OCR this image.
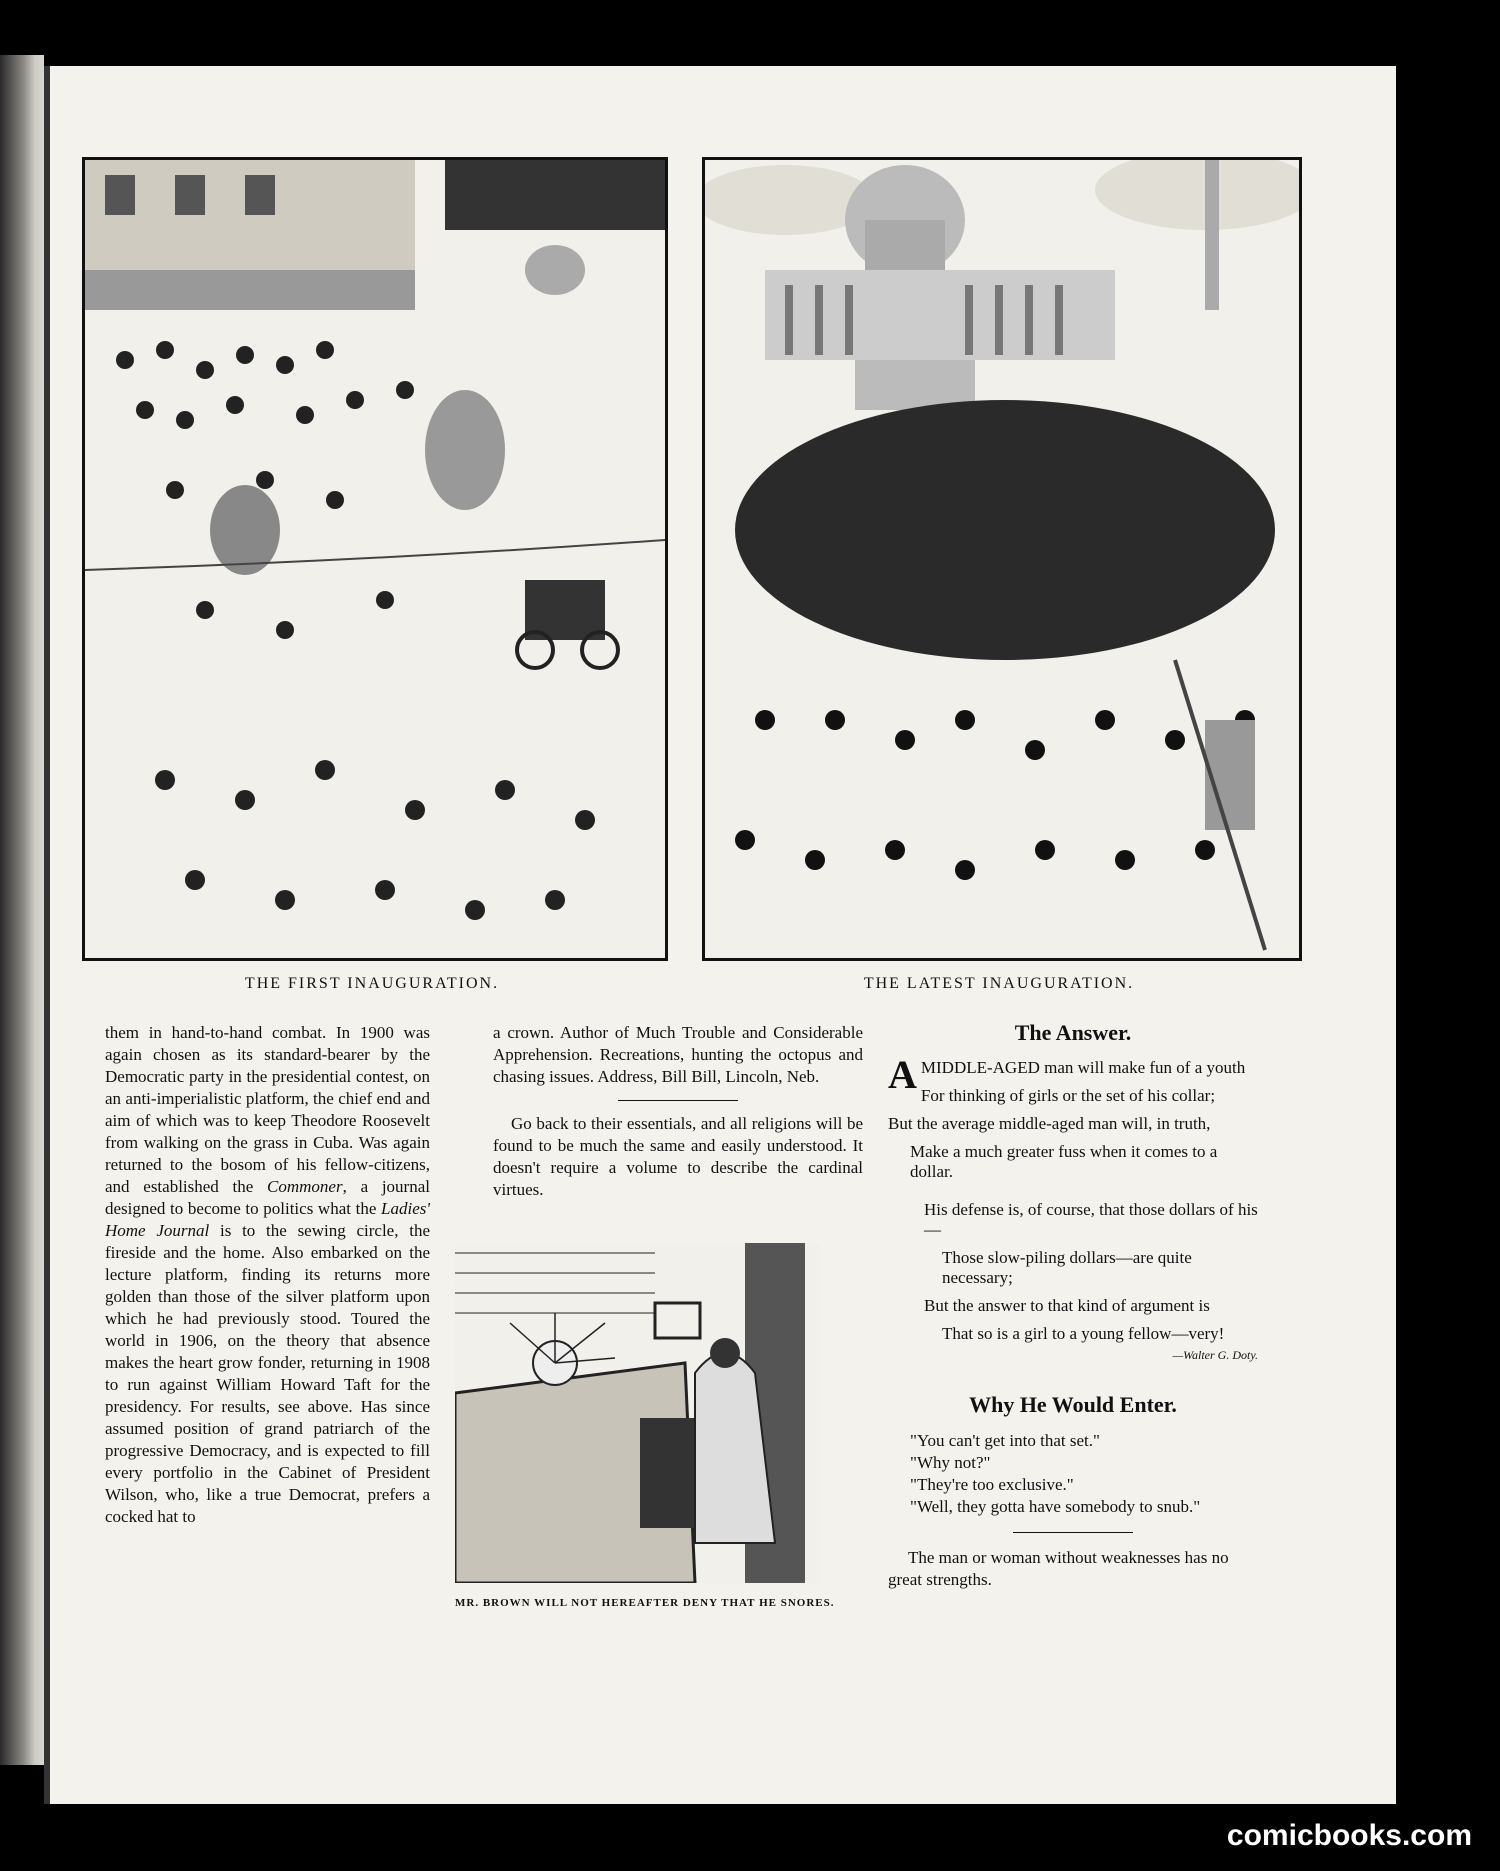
THE FIRST INAUGURATION.	THE LATEST INAUGURATION.

them in hand-to-hand combat. In 1900 was again chosen as its standard-bearer by the Democratic party in the presidential contest, on an anti-imperialistic platform, the chief end and aim of which was to keep Theodore Roosevelt from walking on the grass in Cuba. Was again returned to the bosom of his fellow-citizens, and established the Commoner, a journal designed to become to politics what the Ladies' Home Journal is to the sewing circle, the fireside and the home. Also embarked on the lecture platform, finding its returns more golden than those of the silver platform upon which he had previously stood. Toured the world in 1906, on the theory that absence makes the heart grow fonder, returning in 1908 to run against William Howard Taft for the presidency. For results, see above. Has since assumed position of grand patriarch of the progressive Democracy, and is expected to fill every portfolio in the Cabinet of President Wilson, who, like a true Democrat, prefers a cocked hat to

a crown. Author of Much Trouble and Considerable Apprehension. Recreations, hunting the octopus and chasing issues. Address, Bill Bill, Lincoln, Neb.

Go back to their essentials, and all religions will be found to be much the same and easily understood. It doesn't require a volume to describe the cardinal virtues.

MR. BROWN WILL NOT HEREAFTER DENY THAT HE SNORES.
The Answer.
A MIDDLE-AGED man will make fun of a youth
For thinking of girls or the set of his collar;
But the average middle-aged man will, in truth,
Make a much greater fuss when it comes to a dollar.
His defense is, of course, that those dollars of his—
Those slow-piling dollars—are quite necessary;
But the answer to that kind of argument is
That so is a girl to a young fellow—very!
—Walter G. Doty.
Why He Would Enter.
"You can't get into that set."
"Why not?"
"They're too exclusive."
"Well, they gotta have somebody to snub."

The man or woman without weaknesses has no great strengths.

comicbooks.com
